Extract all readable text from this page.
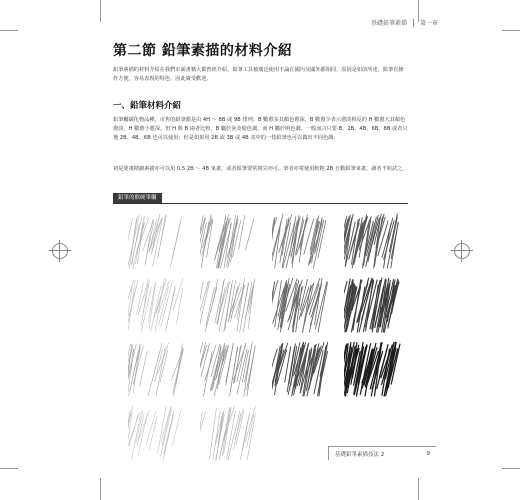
基礎鉛筆素描 第一章
第二節 鉛筆素描的材料介紹
鉛筆素描的材料介紹在我們市面書籍大都曾經介紹，鉛筆工具被廣泛使用不論在國內及國外都相同，原因是如前所述，鉛筆有操作方便，容易表現的特色，因此廣受歡迎。
一、鉛筆材料介紹
鉛筆屬碳化物品種，市售的鉛筆都是由 4H ～ 8B 或 9B 排列；B 數愈多其顏色愈深，B 數愈少表示愈淡相反的 H 數愈大其顏色愈淡，H 數愈小愈深。但 H 與 B 兩者比較，B 屬於灰及暗色調，而 H 屬於明色調。一般而言只要 B、2B、4B、6B、8B 或者只選 2B、4B、6B 也可以使用；但是如果用 2B 或 3B 或 4B 其中的一枝鉛筆也可以做出不同色調。
初是要畫精細素描亦可以用 0.5 2B ～ 4B 來畫，或者鉛筆要常削尖亦可。筆者亦常使用較粗 2B 自動鉛筆來畫，讀者不妨試之。
鉛筆的軟硬筆觸
基礎鉛筆素描技法 2	9
